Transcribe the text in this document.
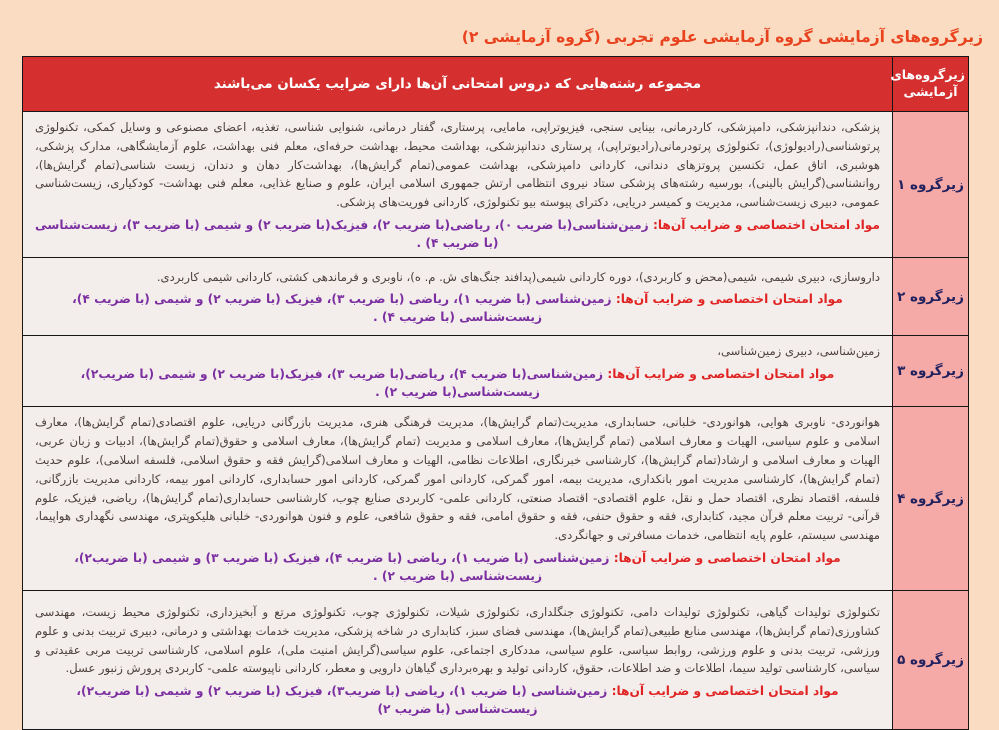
زیرگروه‌های آزمایشی گروه آزمایشی علوم تجربی (گروه آزمایشی ۲)
زیرگروه‌های آزمایشی	مجموعه رشته‌هایی که دروس امتحانی آن‌ها دارای ضرایب یکسان می‌باشند
زیرگروه ۱	پزشکی، دندانپزشکی، دامپزشکی، کاردرمانی، بینایی سنجی، فیزیوتراپی، مامایی، پرستاری، گفتار درمانی، شنوایی شناسی، تغذیه، اعضای مصنوعی و وسایل کمکی، تکنولوژی پرتوشناسی(رادیولوژی)، تکنولوژی پرتودرمانی(رادیوتراپی)، پرستاری دندانپزشکی، بهداشت محیط، بهداشت حرفه‌ای، معلم فنی بهداشت، علوم آزمایشگاهی، مدارک پزشکی، هوشبری، اتاق عمل، تکنسین پروتزهای دندانی، کاردانی دامپزشکی، بهداشت عمومی(تمام گرایش‌ها)، بهداشت‌کار دهان و دندان، زیست شناسی(تمام گرایش‌ها)، روانشناسی(گرایش بالینی)، بورسیه رشته‌های پزشکی ستاد نیروی انتظامی ارتش جمهوری اسلامی ایران، علوم و صنایع غذایی، معلم فنی بهداشت- کودکیاری، زیست‌شناسی عمومی، دبیری زیست‌شناسی، مدیریت و کمیسر دریایی، دکترای پیوسته بیو تکنولوژی، کاردانی فوریت‌های پزشکی.
مواد امتحان اختصاصی و ضرایب آن‌ها: زمین‌شناسی(با ضریب ۰)، ریاضی(با ضریب ۲)، فیزیک(با ضریب ۲) و شیمی (با ضریب ۳)، زیست‌شناسی (با ضریب ۴) .

زیرگروه ۲	داروسازی، دبیری شیمی، شیمی(محض و کاربردی)، دوره کاردانی شیمی(پدافند جنگ‌های ش. م. ه)، ناوبری و فرماندهی کشتی، کاردانی شیمی کاربردی.
مواد امتحان اختصاصی و ضرایب آن‌ها: زمین‌شناسی (با ضریب ۱)، ریاضی (با ضریب ۳)، فیزیک (با ضریب ۲) و شیمی (با ضریب ۴)، زیست‌شناسی (با ضریب ۴) .

زیرگروه ۳	زمین‌شناسی، دبیری زمین‌شناسی،
مواد امتحان اختصاصی و ضرایب آن‌ها: زمین‌شناسی(با ضریب ۴)، ریاضی(با ضریب ۳)، فیزیک(با ضریب ۲) و شیمی (با ضریب۲)، زیست‌شناسی(با ضریب ۲) .

زیرگروه ۴	هوانوردی- ناوبری هوایی، هوانوردی- خلبانی، حسابداری، مدیریت(تمام گرایش‌ها)، مدیریت فرهنگی هنری، مدیریت بازرگانی دریایی، علوم اقتصادی(تمام گرایش‌ها)، معارف اسلامی و علوم سیاسی، الهیات و معارف اسلامی (تمام گرایش‌ها)، معارف اسلامی و مدیریت (تمام گرایش‌ها)، معارف اسلامی و حقوق(تمام گرایش‌ها)، ادبیات و زبان عربی، الهیات و معارف اسلامی و ارشاد(تمام گرایش‌ها)، کارشناسی خبرنگاری، اطلاعات نظامی، الهیات و معارف اسلامی(گرایش فقه و حقوق اسلامی، فلسفه اسلامی)، علوم حدیث (تمام گرایش‌ها)، کارشناسی مدیریت امور بانکداری، مدیریت بیمه، امور گمرکی، کاردانی امور گمرکی، کاردانی امور حسابداری، کاردانی امور بیمه، کاردانی مدیریت بازرگانی، فلسفه، اقتصاد نظری، اقتصاد حمل و نقل، علوم اقتصادی- اقتصاد صنعتی، کاردانی علمی- کاربردی صنایع چوب، کارشناسی حسابداری(تمام گرایش‌ها)، ریاضی، فیزیک، علوم قرآنی- تربیت معلم قرآن مجید، کتابداری، فقه و حقوق حنفی، فقه و حقوق امامی، فقه و حقوق شافعی، علوم و فنون هوانوردی- خلبانی هلیکوپتری، مهندسی نگهداری هواپیما، مهندسی سیستم، علوم پایه انتظامی، خدمات مسافرتی و جهانگردی.
مواد امتحان اختصاصی و ضرایب آن‌ها: زمین‌شناسی (با ضریب ۱)، ریاضی (با ضریب ۴)، فیزیک (با ضریب ۳) و شیمی (با ضریب۲)، زیست‌شناسی (با ضریب ۲) .

زیرگروه ۵	تکنولوژی تولیدات گیاهی، تکنولوژی تولیدات دامی، تکنولوژی جنگلداری، تکنولوژی شیلات، تکنولوژی چوب، تکنولوژی مرتع و آبخیزداری، تکنولوژی محیط زیست، مهندسی کشاورزی(تمام گرایش‌ها)، مهندسی منابع طبیعی(تمام گرایش‌ها)، مهندسی فضای سبز، کتابداری در شاخه پزشکی، مدیریت خدمات بهداشتی و درمانی، دبیری تربیت بدنی و علوم ورزشی، تربیت بدنی و علوم ورزشی، روابط سیاسی، علوم سیاسی، مددکاری اجتماعی، علوم سیاسی(گرایش امنیت ملی)، علوم اسلامی، کارشناسی تربیت مربی عقیدتی و سیاسی، کارشناسی تولید سیما، اطلاعات و ضد اطلاعات، حقوق، کاردانی تولید و بهره‌برداری گیاهان دارویی و معطر، کاردانی ناپیوسته علمی- کاربردی پرورش زنبور عسل.
مواد امتحان اختصاصی و ضرایب آن‌ها: زمین‌شناسی (با ضریب ۱)، ریاضی (با ضریب۳)، فیزیک (با ضریب ۲) و شیمی (با ضریب۲)، زیست‌شناسی (با ضریب ۲)
